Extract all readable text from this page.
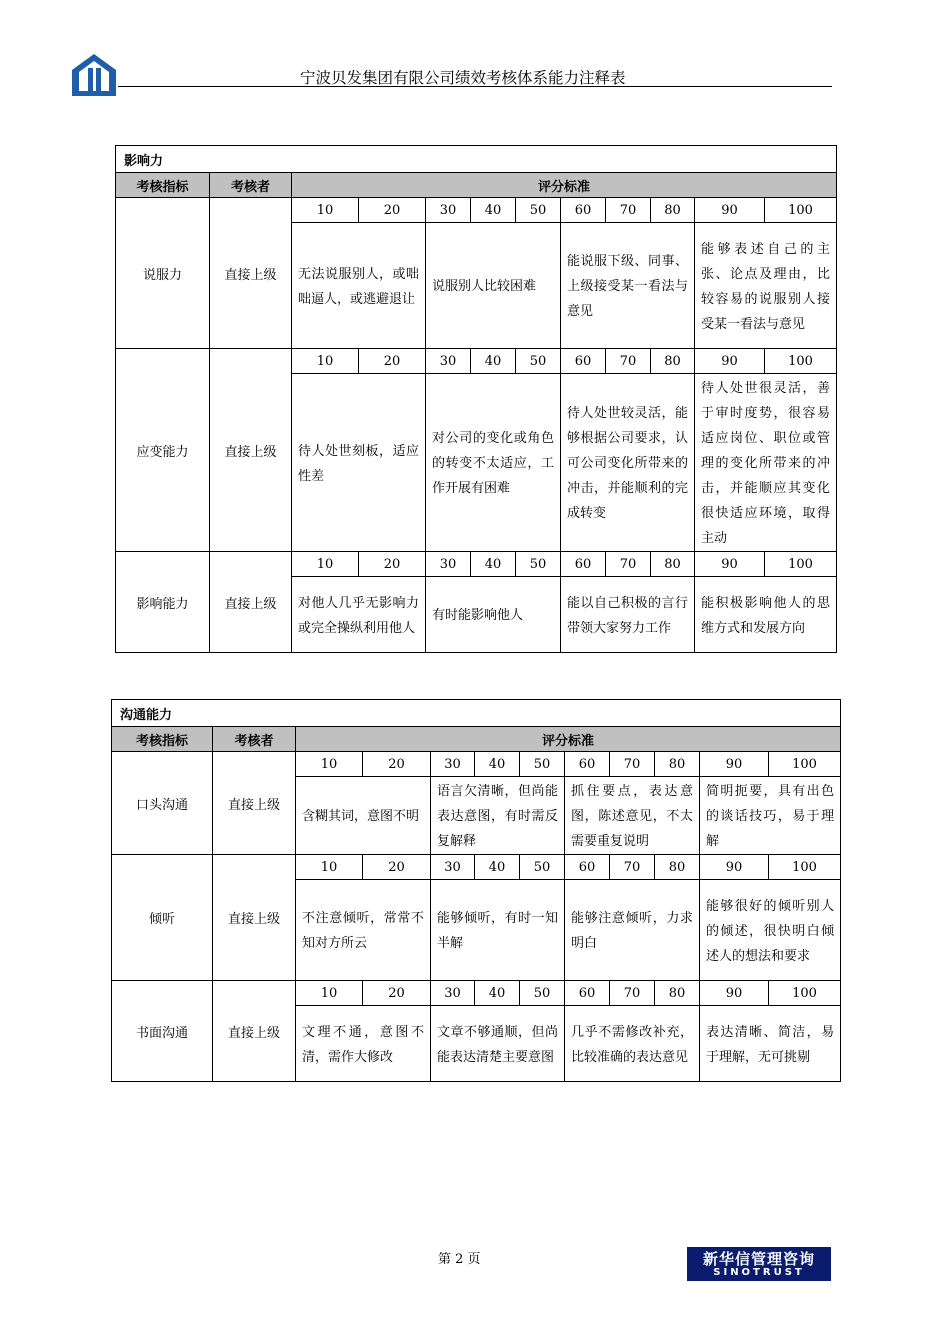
宁波贝发集团有限公司绩效考核体系能力注释表
影响力											
考核指标	考核者	评分标准									
说服力	直接上级	10	20	30	40	50	60	70	80	90	100
		无法说服别人，或咄咄逼人，或逃避退让		说服别人比较困难			能说服下级、同事、上级接受某一看法与意见			能够表述自己的主张、论点及理由，比较容易的说服别人接受某一看法与意见	
应变能力	直接上级	10	20	30	40	50	60	70	80	90	100
		待人处世刻板，适应性差		对公司的变化或角色的转变不太适应，工作开展有困难			待人处世较灵活，能够根据公司要求，认可公司变化所带来的冲击，并能顺利的完成转变			待人处世很灵活，善于审时度势，很容易适应岗位、职位或管理的变化所带来的冲击，并能顺应其变化很快适应环境，取得主动	
影响能力	直接上级	10	20	30	40	50	60	70	80	90	100
		对他人几乎无影响力或完全操纵利用他人		有时能影响他人			能以自己积极的言行带领大家努力工作			能积极影响他人的思维方式和发展方向	
沟通能力											
考核指标	考核者	评分标准									
口头沟通	直接上级	10	20	30	40	50	60	70	80	90	100
		含糊其词，意图不明		语言欠清晰，但尚能表达意图，有时需反复解释			抓住要点，表达意图，陈述意见，不太需要重复说明			简明扼要，具有出色的谈话技巧，易于理解	
倾听	直接上级	10	20	30	40	50	60	70	80	90	100
		不注意倾听，常常不知对方所云		能够倾听，有时一知半解			能够注意倾听，力求明白			能够很好的倾听别人的倾述，很快明白倾述人的想法和要求	
书面沟通	直接上级	10	20	30	40	50	60	70	80	90	100
		文理不通，意图不清，需作大修改		文章不够通顺，但尚能表达清楚主要意图			几乎不需修改补充，比较准确的表达意见			表达清晰、简洁，易于理解，无可挑剔	
第 2 页	新华信管理咨询
SINOTRUST
